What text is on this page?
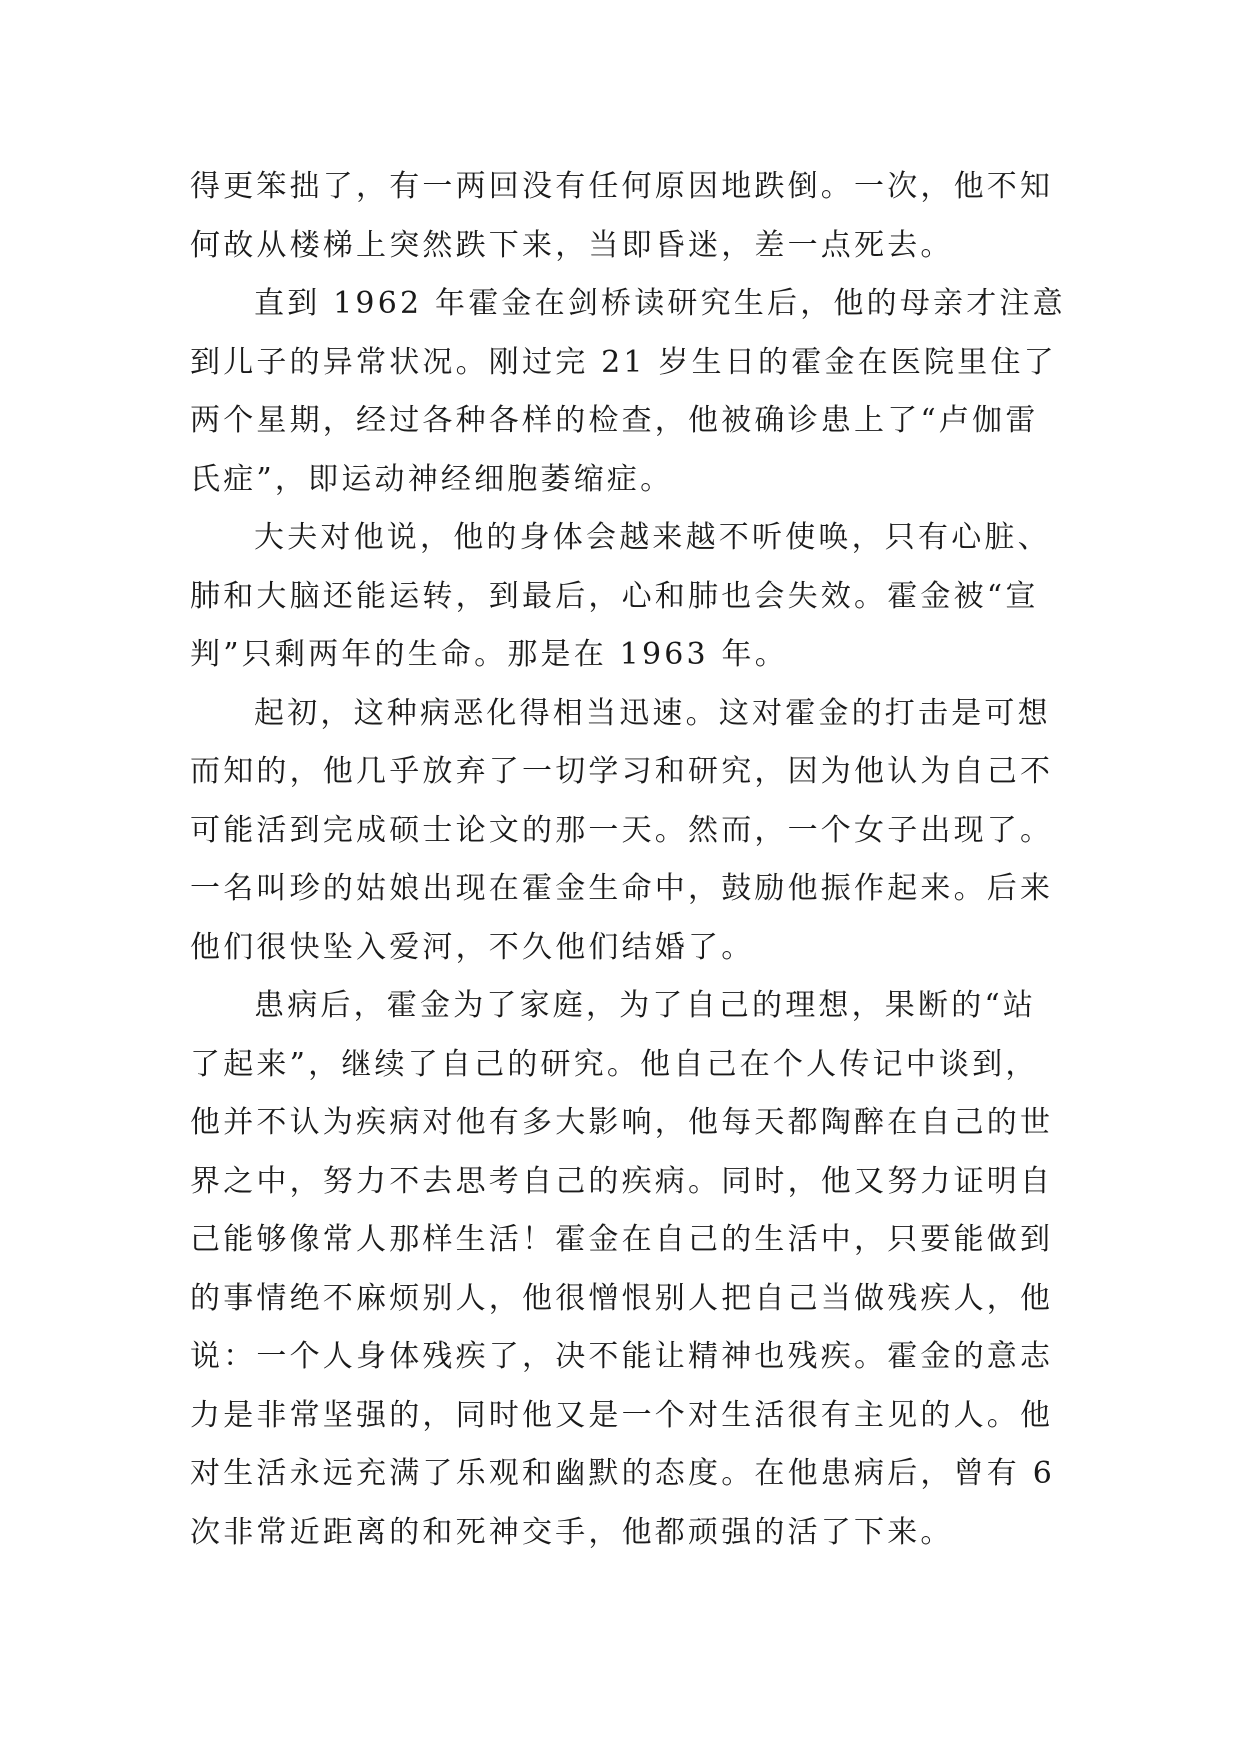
得更笨拙了，有一两回没有任何原因地跌倒。一次，他不知
何故从楼梯上突然跌下来，当即昏迷，差一点死去。
直到 1962 年霍金在剑桥读研究生后，他的母亲才注意
到儿子的异常状况。刚过完 21 岁生日的霍金在医院里住了
两个星期，经过各种各样的检查，他被确诊患上了“卢伽雷
氏症”，即运动神经细胞萎缩症。
大夫对他说，他的身体会越来越不听使唤，只有心脏、
肺和大脑还能运转，到最后，心和肺也会失效。霍金被“宣
判”只剩两年的生命。那是在 1963 年。
起初，这种病恶化得相当迅速。这对霍金的打击是可想
而知的，他几乎放弃了一切学习和研究，因为他认为自己不
可能活到完成硕士论文的那一天。然而，一个女子出现了。
一名叫珍的姑娘出现在霍金生命中，鼓励他振作起来。后来
他们很快坠入爱河，不久他们结婚了。
患病后，霍金为了家庭，为了自己的理想，果断的“站
了起来”，继续了自己的研究。他自己在个人传记中谈到，
他并不认为疾病对他有多大影响，他每天都陶醉在自己的世
界之中，努力不去思考自己的疾病。同时，他又努力证明自
己能够像常人那样生活！霍金在自己的生活中，只要能做到
的事情绝不麻烦别人，他很憎恨别人把自己当做残疾人，他
说：一个人身体残疾了，决不能让精神也残疾。霍金的意志
力是非常坚强的，同时他又是一个对生活很有主见的人。他
对生活永远充满了乐观和幽默的态度。在他患病后，曾有 6
次非常近距离的和死神交手，他都顽强的活了下来。
